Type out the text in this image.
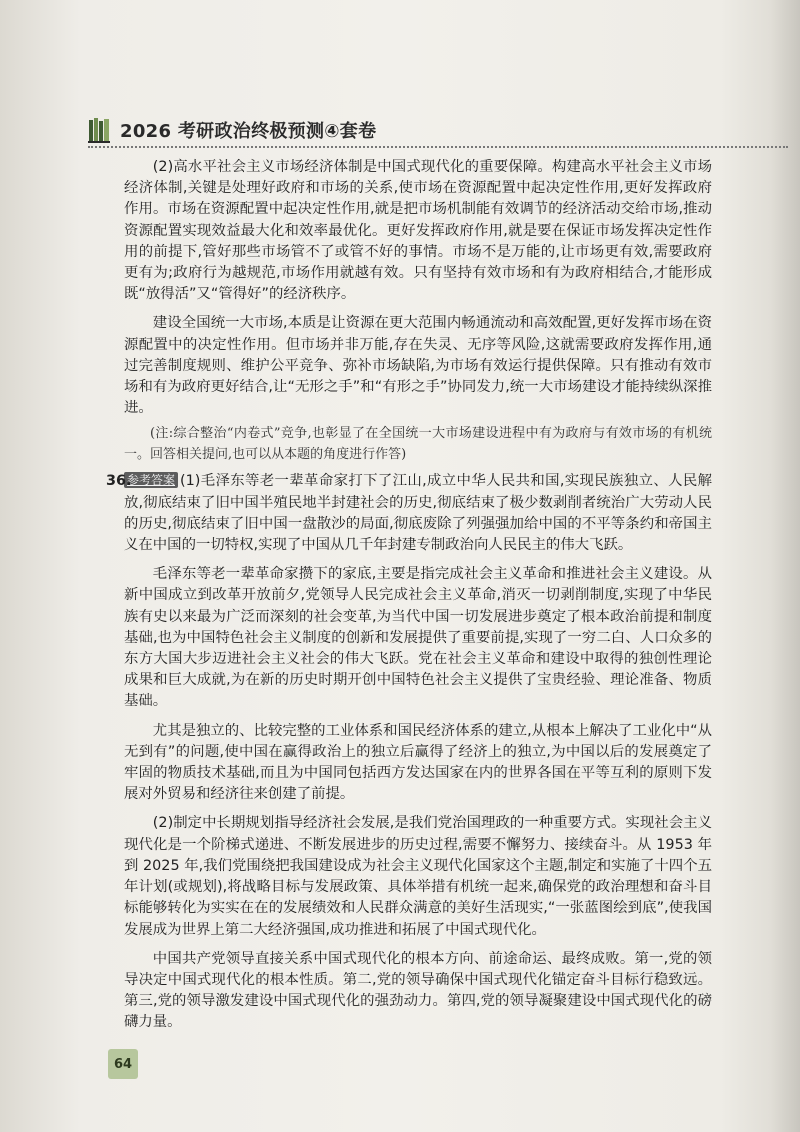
2026 考研政治终极预测④套卷

(2)高水平社会主义市场经济体制是中国式现代化的重要保障。构建高水平社会主义市场经济体制,关键是处理好政府和市场的关系,使市场在资源配置中起决定性作用,更好发挥政府作用。市场在资源配置中起决定性作用,就是把市场机制能有效调节的经济活动交给市场,推动资源配置实现效益最大化和效率最优化。更好发挥政府作用,就是要在保证市场发挥决定性作用的前提下,管好那些市场管不了或管不好的事情。市场不是万能的,让市场更有效,需要政府更有为;政府行为越规范,市场作用就越有效。只有坚持有效市场和有为政府相结合,才能形成既“放得活”又“管得好”的经济秩序。

建设全国统一大市场,本质是让资源在更大范围内畅通流动和高效配置,更好发挥市场在资源配置中的决定性作用。但市场并非万能,存在失灵、无序等风险,这就需要政府发挥作用,通过完善制度规则、维护公平竞争、弥补市场缺陷,为市场有效运行提供保障。只有推动有效市场和有为政府更好结合,让“无形之手”和“有形之手”协同发力,统一大市场建设才能持续纵深推进。

(注:综合整治“内卷式”竞争,也彰显了在全国统一大市场建设进程中有为政府与有效市场的有机统一。回答相关提问,也可以从本题的角度进行作答)

36.
参考答案 (1)毛泽东等老一辈革命家打下了江山,成立中华人民共和国,实现民族独立、人民解放,彻底结束了旧中国半殖民地半封建社会的历史,彻底结束了极少数剥削者统治广大劳动人民的历史,彻底结束了旧中国一盘散沙的局面,彻底废除了列强强加给中国的不平等条约和帝国主义在中国的一切特权,实现了中国从几千年封建专制政治向人民民主的伟大飞跃。

毛泽东等老一辈革命家攒下的家底,主要是指完成社会主义革命和推进社会主义建设。从新中国成立到改革开放前夕,党领导人民完成社会主义革命,消灭一切剥削制度,实现了中华民族有史以来最为广泛而深刻的社会变革,为当代中国一切发展进步奠定了根本政治前提和制度基础,也为中国特色社会主义制度的创新和发展提供了重要前提,实现了一穷二白、人口众多的东方大国大步迈进社会主义社会的伟大飞跃。党在社会主义革命和建设中取得的独创性理论成果和巨大成就,为在新的历史时期开创中国特色社会主义提供了宝贵经验、理论准备、物质基础。

尤其是独立的、比较完整的工业体系和国民经济体系的建立,从根本上解决了工业化中“从无到有”的问题,使中国在赢得政治上的独立后赢得了经济上的独立,为中国以后的发展奠定了牢固的物质技术基础,而且为中国同包括西方发达国家在内的世界各国在平等互利的原则下发展对外贸易和经济往来创建了前提。

(2)制定中长期规划指导经济社会发展,是我们党治国理政的一种重要方式。实现社会主义现代化是一个阶梯式递进、不断发展进步的历史过程,需要不懈努力、接续奋斗。从 1953 年到 2025 年,我们党围绕把我国建设成为社会主义现代化国家这个主题,制定和实施了十四个五年计划(或规划),将战略目标与发展政策、具体举措有机统一起来,确保党的政治理想和奋斗目标能够转化为实实在在的发展绩效和人民群众满意的美好生活现实,“一张蓝图绘到底”,使我国发展成为世界上第二大经济强国,成功推进和拓展了中国式现代化。

中国共产党领导直接关系中国式现代化的根本方向、前途命运、最终成败。第一,党的领导决定中国式现代化的根本性质。第二,党的领导确保中国式现代化锚定奋斗目标行稳致远。第三,党的领导激发建设中国式现代化的强劲动力。第四,党的领导凝聚建设中国式现代化的磅礴力量。

64
